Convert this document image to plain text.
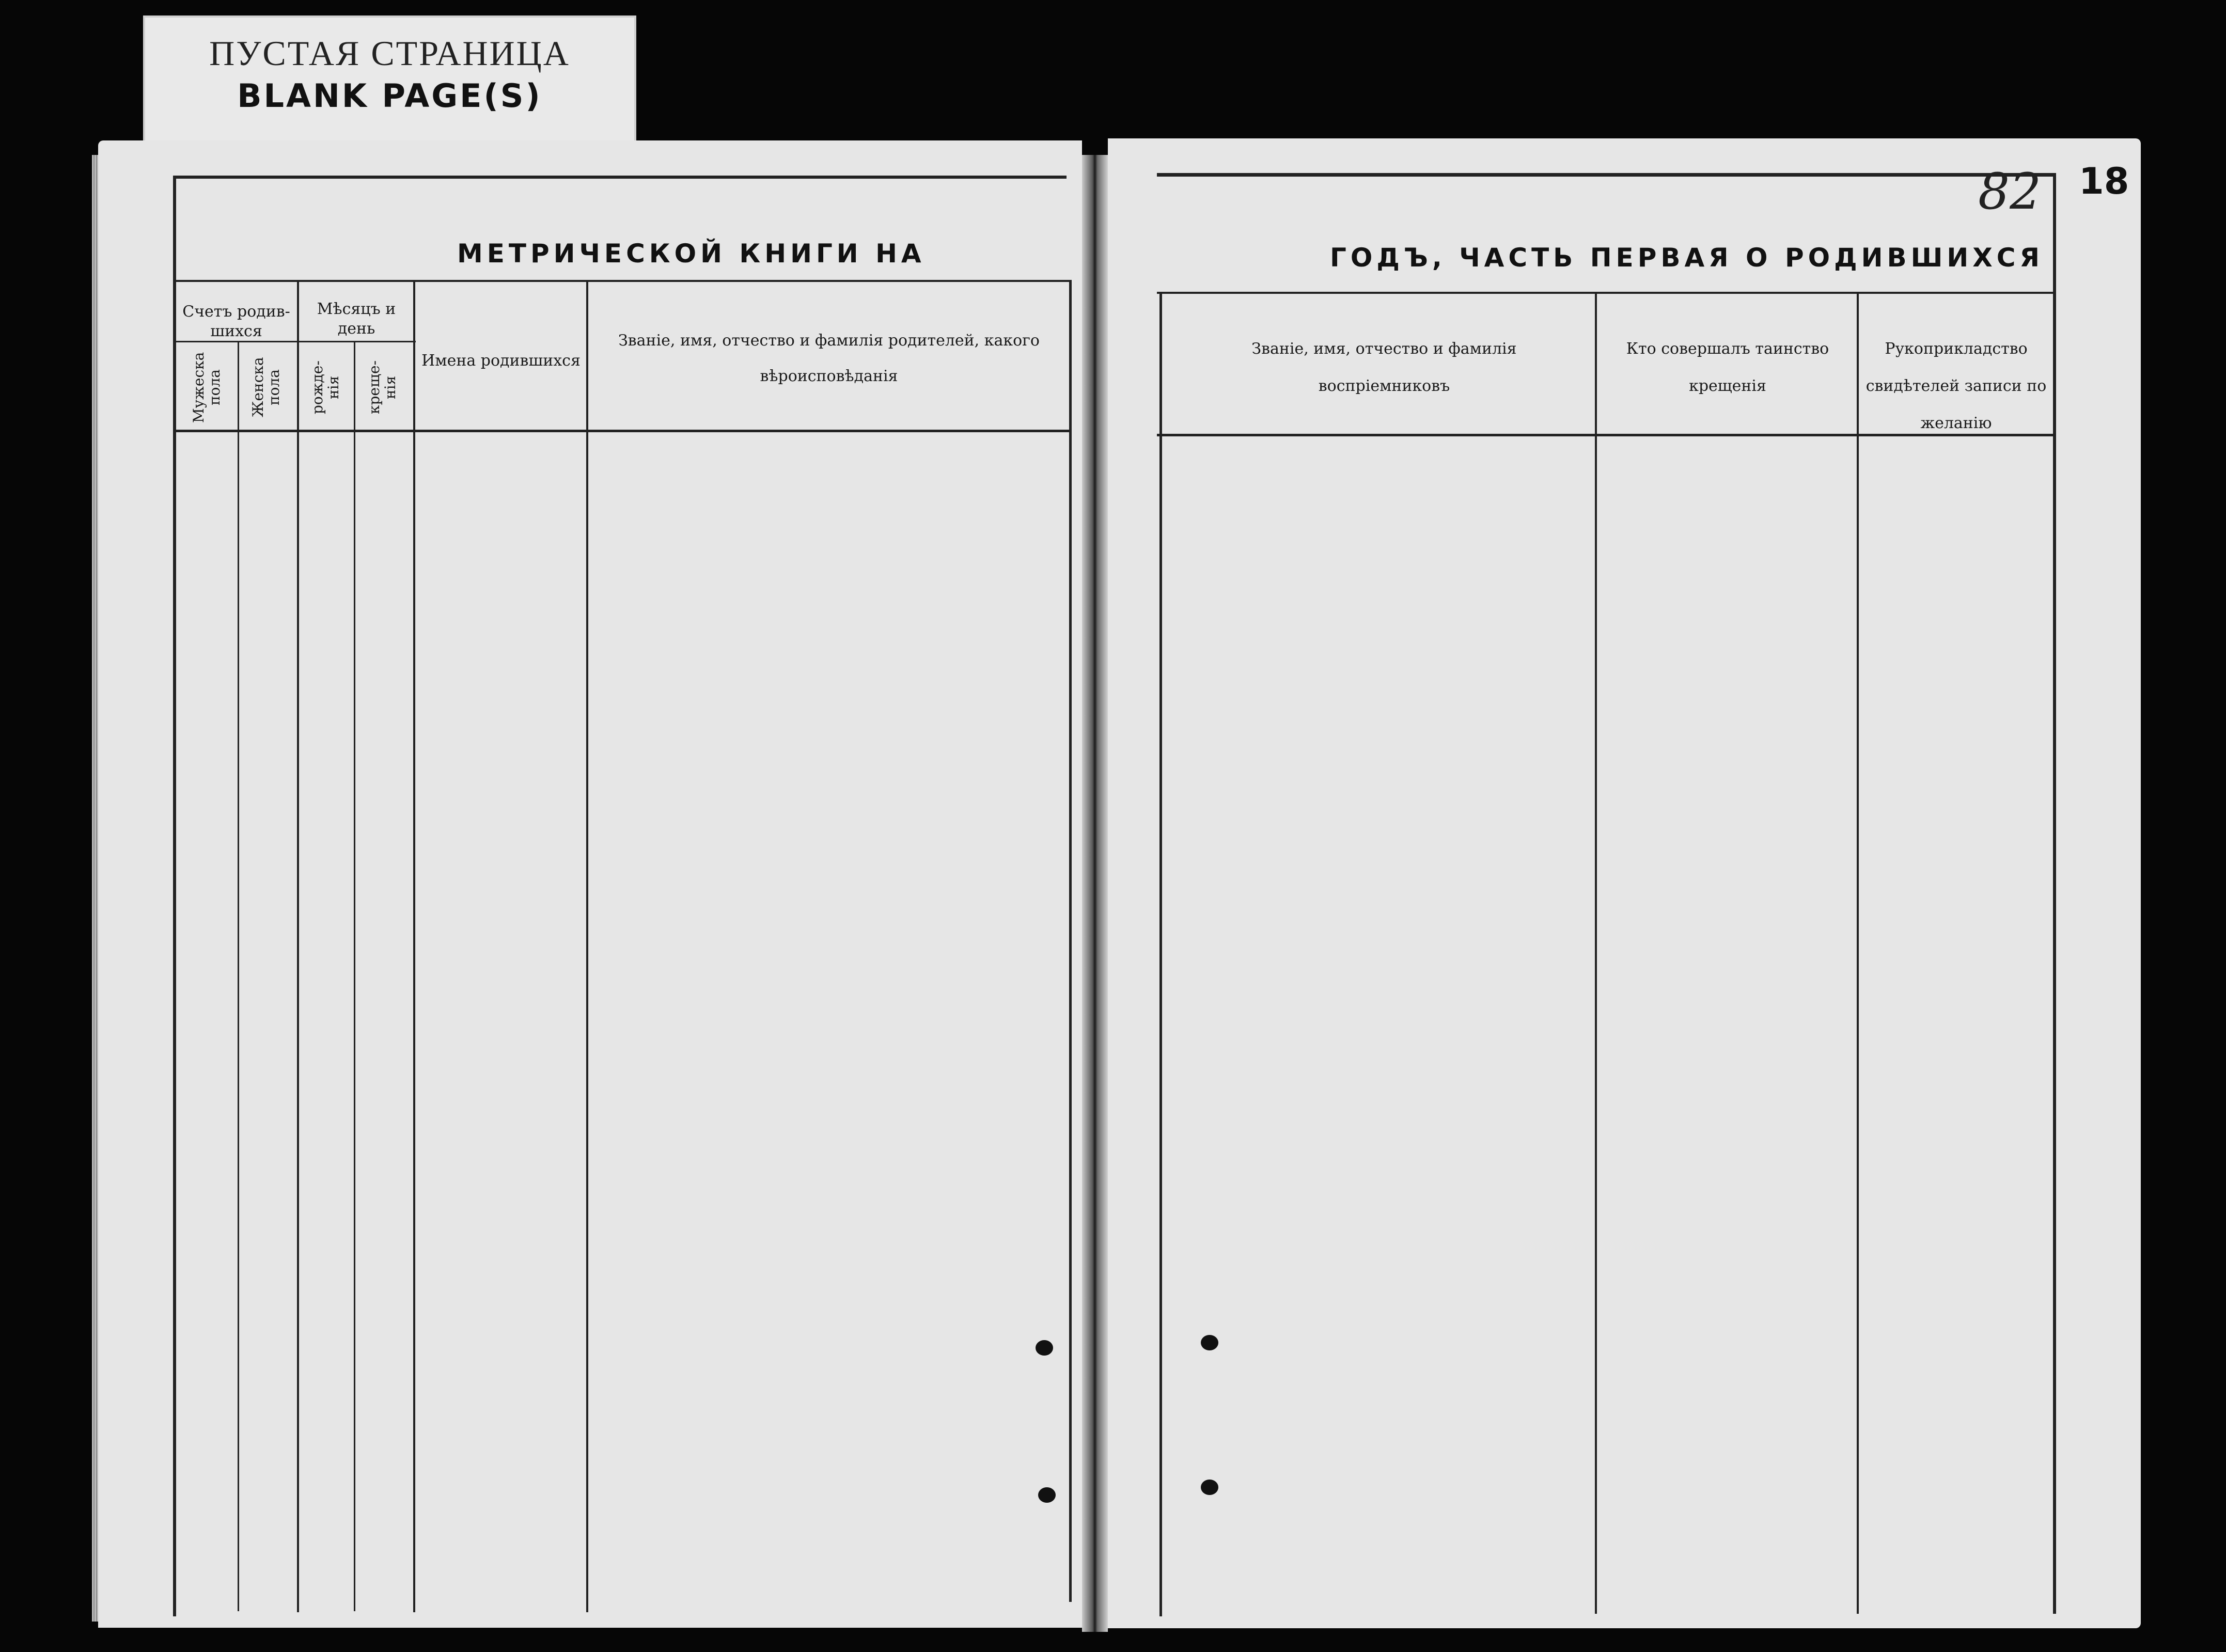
ПУСТАЯ СТРАНИЦА
BLANK PAGE(S)
МЕТРИЧЕСКОЙ КНИГИ НА
Счетъ родив-шихся
Мужеска пола Женска пола
Мѣсяцъ и день
рожде-нія креще-нія
Имена родившихся
Званіе, имя, отчество и фамилія родителей, какого вѣроисповѣданія
ГОДЪ, ЧАСТЬ ПЕРВАЯ О РОДИВШИХСЯ
82 18
Званіе, имя, отчество и фамилія воспріемниковъ
Кто совершалъ таинство крещенія
Рукоприкладство свидѣтелей записи по желанію
